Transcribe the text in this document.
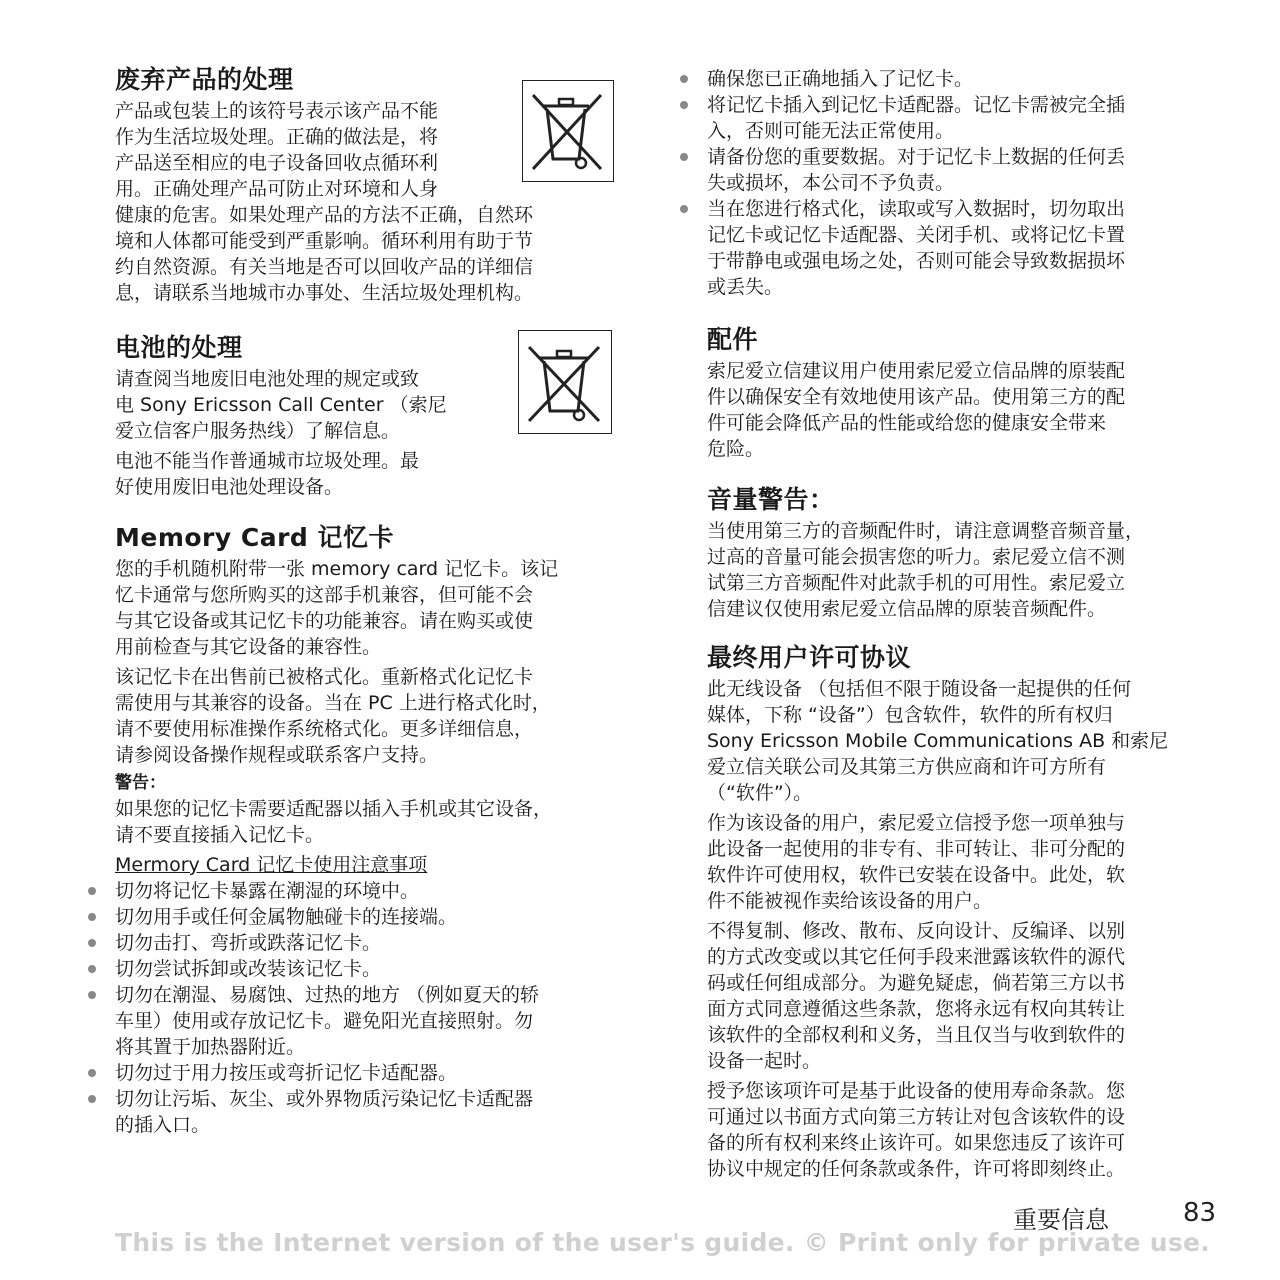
废弃产品的处理

产品或包装上的该符号表示该产品不能
作为生活垃圾处理。正确的做法是，将
产品送至相应的电子设备回收点循环利
用。正确处理产品可防止对环境和人身
健康的危害。如果处理产品的方法不正确，自然环
境和人体都可能受到严重影响。循环利用有助于节
约自然资源。有关当地是否可以回收产品的详细信
息，请联系当地城市办事处、生活垃圾处理机构。

电池的处理

请查阅当地废旧电池处理的规定或致
电 Sony Ericsson Call Center （索尼
爱立信客户服务热线）了解信息。

电池不能当作普通城市垃圾处理。最
好使用废旧电池处理设备。

Memory Card 记忆卡

您的手机随机附带一张 memory card 记忆卡。该记
忆卡通常与您所购买的这部手机兼容，但可能不会
与其它设备或其记忆卡的功能兼容。请在购买或使
用前检查与其它设备的兼容性。

该记忆卡在出售前已被格式化。重新格式化记忆卡
需使用与其兼容的设备。当在 PC 上进行格式化时，
请不要使用标准操作系统格式化。更多详细信息，
请参阅设备操作规程或联系客户支持。

警告：

如果您的记忆卡需要适配器以插入手机或其它设备，
请不要直接插入记忆卡。

Mermory Card 记忆卡使用注意事项

切勿将记忆卡暴露在潮湿的环境中。
切勿用手或任何金属物触碰卡的连接端。
切勿击打、弯折或跌落记忆卡。
切勿尝试拆卸或改装该记忆卡。
切勿在潮湿、易腐蚀、过热的地方 （例如夏天的轿
车里）使用或存放记忆卡。避免阳光直接照射。勿
将其置于加热器附近。
切勿过于用力按压或弯折记忆卡适配器。
切勿让污垢、灰尘、或外界物质污染记忆卡适配器
的插入口。
确保您已正确地插入了记忆卡。
将记忆卡插入到记忆卡适配器。记忆卡需被完全插
入，否则可能无法正常使用。
请备份您的重要数据。对于记忆卡上数据的任何丢
失或损坏，本公司不予负责。
当在您进行格式化，读取或写入数据时，切勿取出
记忆卡或记忆卡适配器、关闭手机、或将记忆卡置
于带静电或强电场之处，否则可能会导致数据损坏
或丢失。
配件

索尼爱立信建议用户使用索尼爱立信品牌的原装配
件以确保安全有效地使用该产品。使用第三方的配
件可能会降低产品的性能或给您的健康安全带来
危险。

音量警告：

当使用第三方的音频配件时，请注意调整音频音量，
过高的音量可能会损害您的听力。索尼爱立信不测
试第三方音频配件对此款手机的可用性。索尼爱立
信建议仅使用索尼爱立信品牌的原装音频配件。

最终用户许可协议

此无线设备 （包括但不限于随设备一起提供的任何
媒体，下称 “设备”）包含软件，软件的所有权归
Sony Ericsson Mobile Communications AB 和索尼
爱立信关联公司及其第三方供应商和许可方所有
（“软件”）。

作为该设备的用户，索尼爱立信授予您一项单独与
此设备一起使用的非专有、非可转让、非可分配的
软件许可使用权，软件已安装在设备中。此处，软
件不能被视作卖给该设备的用户。

不得复制、修改、散布、反向设计、反编译、以别
的方式改变或以其它任何手段来泄露该软件的源代
码或任何组成部分。为避免疑虑，倘若第三方以书
面方式同意遵循这些条款，您将永远有权向其转让
该软件的全部权利和义务，当且仅当与收到软件的
设备一起时。

授予您该项许可是基于此设备的使用寿命条款。您
可通过以书面方式向第三方转让对包含该软件的设
备的所有权利来终止该许可。如果您违反了该许可
协议中规定的任何条款或条件，许可将即刻终止。

重要信息	83
This is the Internet version of the user's guide. © Print only for private use.
